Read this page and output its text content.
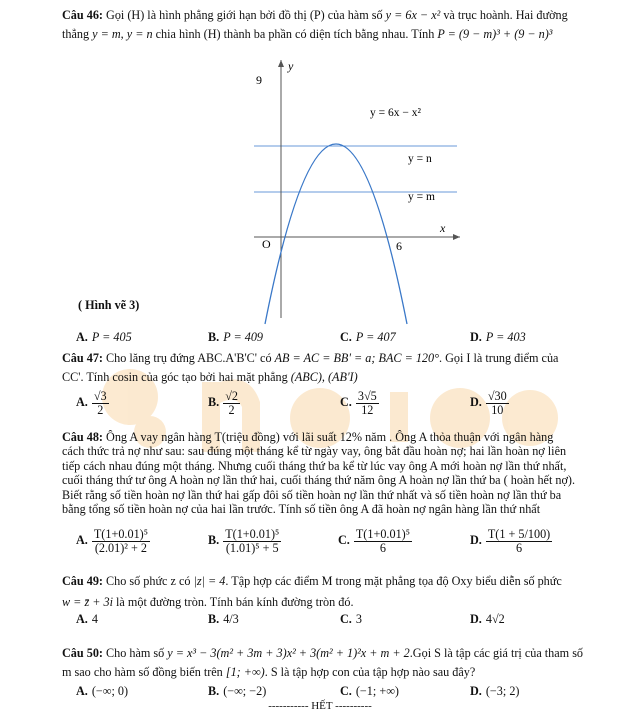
Câu 46: Gọi (H) là hình phẳng giới hạn bởi đồ thị (P) của hàm số y = 6x − x² và trục hoành. Hai đường
thẳng y = m, y = n chia hình (H) thành ba phần có diện tích bằng nhau. Tính P = (9 − m)³ + (9 − n)³
y
x
O
9
6
y = 6x − x²
y = n
y = m
( Hình vẽ 3)
A. P = 405	B. P = 409	C. P = 407	D. P = 403
Câu 47: Cho lăng trụ đứng ABC.A'B'C' có AB = AC = BB' = a; BAC = 120°. Gọi I là trung điểm của
CC'. Tính cosin của góc tạo bởi hai mặt phẳng (ABC), (AB'I)
A. $\frac{√3}{2}$	B. $\frac{√2}{2}$	C. $\frac{3√5}{12}$	D. $\frac{√30}{10}$
Câu 48: Ông A vay ngân hàng T(triệu đồng) với lãi suất 12% năm . Ông A thỏa thuận với ngân hàng
cách thức trả nợ như sau: sau đúng một tháng kể từ ngày vay, ông bắt đầu hoàn nợ; hai lần hoàn nợ liên
tiếp cách nhau đúng một tháng. Nhưng cuối tháng thứ ba kể từ lúc vay ông A mới hoàn nợ lần thứ nhất,
cuối tháng thứ tư ông A hoàn nợ lần thứ hai, cuối tháng thứ năm ông A hoàn nợ lần thứ ba ( hoàn hết nợ).
Biết rằng số tiền hoàn nợ lần thứ hai gấp đôi số tiền hoàn nợ lần thứ nhất và số tiền hoàn nợ lần thứ ba
bằng tổng số tiền hoàn nợ của hai lần trước. Tính số tiền ông A đã hoàn nợ ngân hàng lần thứ nhất
A. $\frac{\text{T(1+0.01)⁵}}{\text{(2.01)² + 2}}$	B. $\frac{\text{T(1+0.01)⁵}}{\text{(1.01)⁵ + 5}}$	C. $\frac{\text{T(1+0.01)⁵}}{6}$	D. $\frac{T(1 + 5/100)}{6}$
Câu 49: Cho số phức z có |z| = 4. Tập hợp các điểm M trong mặt phẳng tọa độ Oxy biểu diễn số phức
w = z̄ + 3i là một đường tròn. Tính bán kính đường tròn đó.
A. 4	B. 4/3	C. 3	D. 4√2
Câu 50: Cho hàm số y = x³ − 3(m² + 3m + 3)x² + 3(m² + 1)²x + m + 2.Gọi S là tập các giá trị của tham số
m sao cho hàm số đồng biến trên [1; +∞). S là tập hợp con của tập hợp nào sau đây?
A. (−∞; 0)	B. (−∞; −2)	C. (−1; +∞)	D. (−3; 2)
----------- HẾT ----------
